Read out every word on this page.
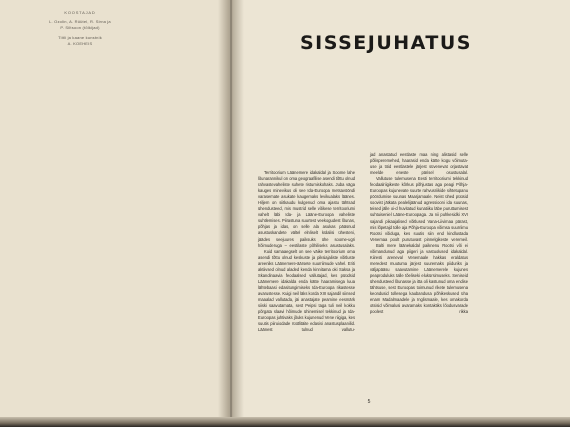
KOOSTAJAD
L. Ozolin, A. Rüütel, R. Sirna ja
P. Siltsoon (tõlkijad)
Tiitli ja kaane kunstnik
A. KOEHEIS	SISSEJUHATUS

Territoorium Läänemere idakaldal ja Soome lahe lõunarannikul on oma geograafilise asendi tõttu olnud rahvastevaheliste suhete ristumiskohaks. Juba väga kauges minevikus oli see Ida-Euroopa metsavööndi varasemate asukate kaugemaks levikualaks läänes. Hiljem on siitkaudu kulgenud oma ajastu tähtsad ühendusteed, mis mustrid selle võikese territooriumi vahelt läbi Ida- ja Lääne-Euroopa vaheliste suhtlemises. Piirastuna suurtest veekogudest lõunas, põhjas ja idas, on selle ala asukas pääsnud asustuskandete vältel elnliselt külalisi ühesteni, jäädes seejuures paiksuks ühe soome-ugri hõimuderuga – eestilaste põhiliseks asustusalaks.

Kuid samaaegselt on see väike territoorium oma asendi tõttu olnud keskuste ja piksiajaliste võitluste areeniks Läänemere-äärsete suurriimude vahel. Eriti aktiivsed olnud aladed kenda kinnitama oki Saksa ja Skandinaavia feodaalsed vallutajad, kes püüdsid Läänemere idakalda enda kätte haaramisega luua lähtebaasi edasitungimiseks Ida-Euroopa rikastesse avarustesse. Kuigi neil läks korda XIII sajandil siinsed maaalad vallutada, jäi anastajate peamine eesmärk siiski saavutamata, sest Peipsi taga tuli neil kokku põrgata slaavi hõimude ühinemisel tekkinud ja Ida-Euroopas juhtivaks jõuks kujunenud Vene riigiga, kes suutis piiruiodade rüütlitäite edasisi anastusplaanilid. Läänest tulnud vallutu-

jad anastatud eestlaste maa ning alistasid selle põlisperemehed, haarasid enda kätte kogu võimutause ja töid eestlastele järjest süvenevat orjastavat meelde eneste pärisel osustusalal.

Vallutuse tulemusena Eesti territooriumi tekkinud feodaalriigikeste kõrkus põhjustas aga peagi Põhja-Euroopas kujunevate suurte rahvusriikide sihtetupanu pöördumise suunas Maarjamaale. Neist ühed püüsid soovist jätkata pealelijäänud agressiooni ida suunas, teised jälle oi-d huvitatud kunatiiku läbe puruttumisest suhtuiseniel Lääne-Euroopaga. Ja nii puhkesidki XVI sajandi pikaajalised võitlused Vana-Liivimaa pärast, mis lõpetajd tolle aja Põhja-Euroopa võimsa suurriimu Rootsi võiduga, kes suutis siin end kindlustada Venemaa poolt purutuvast pinnelgikeste veremeil.

Balti mere läänekaldal paiknenu Rootsi või ei võimandunud aga piigeri ja vastuolused idakaldal. Kiiresti areneval Venemaale hakkas eraldatus meredest muutuma järjest suuremaks piiduriks ja väljapääsu saavutamine Läänemerele kujunes peaproduluks talle tõeliseki elukürsimuseks. Seniseid ühendusteed lõunasse ja itta oli kastunud oma endise tähtsuse, sest Euroopas toimunud rikete tulemusena keondusid tollesega kaubandusa põhikeskused üha enam Madalmaadele ja Inglismaale, kes omakorda otsisid võimalusi avaramaks kontaktiks lõodusvarade poolest rikka

5
